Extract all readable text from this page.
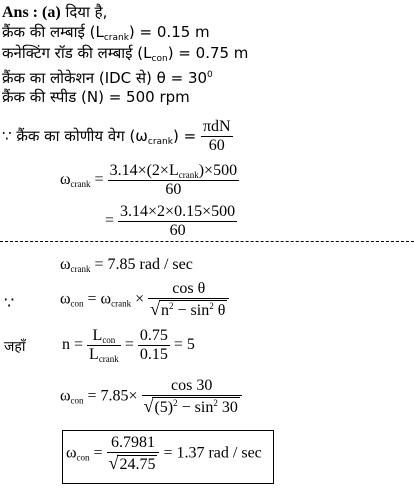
Ans : (a) दिया है,
क्रैंक की लम्बाई $(L_{crank}) = 0.15$ m
कनेक्टिंग रॉड की लम्बाई $(L_{con}) = 0.75$ m
क्रैंक का लोकेशन (IDC से) $\theta = 30^0$
क्रैंक की स्पीड (N) = 500 rpm
∵ क्रैंक का कोणीय वेग $(\omega_{crank}) = \frac{\text{πdN}}{60}$
$\omega_{crank} = \frac{3.14\times(2\times L_{crank})\times 500}{60}$
= $\frac{3.14\times 2\times 0.15\times 500}{60}$
$\omega_{crank} = 7.85$ rad / sec
∵	$\omega_{con} = \omega_{crank} \times \frac{\text{cos θ}}{√n^2 - \sin^2 \theta}$
जहाँ $n = \frac{L_{con}}{L_{crank}} = \frac{0.75}{0.15} = 5$
$\omega_{con} = 7.85\times \frac{\cos 30}{√(5)^2 - \sin^2 30}$
$\omega_{con} = \frac{6.7981}{√24.75} = 1.37$ rad / sec
